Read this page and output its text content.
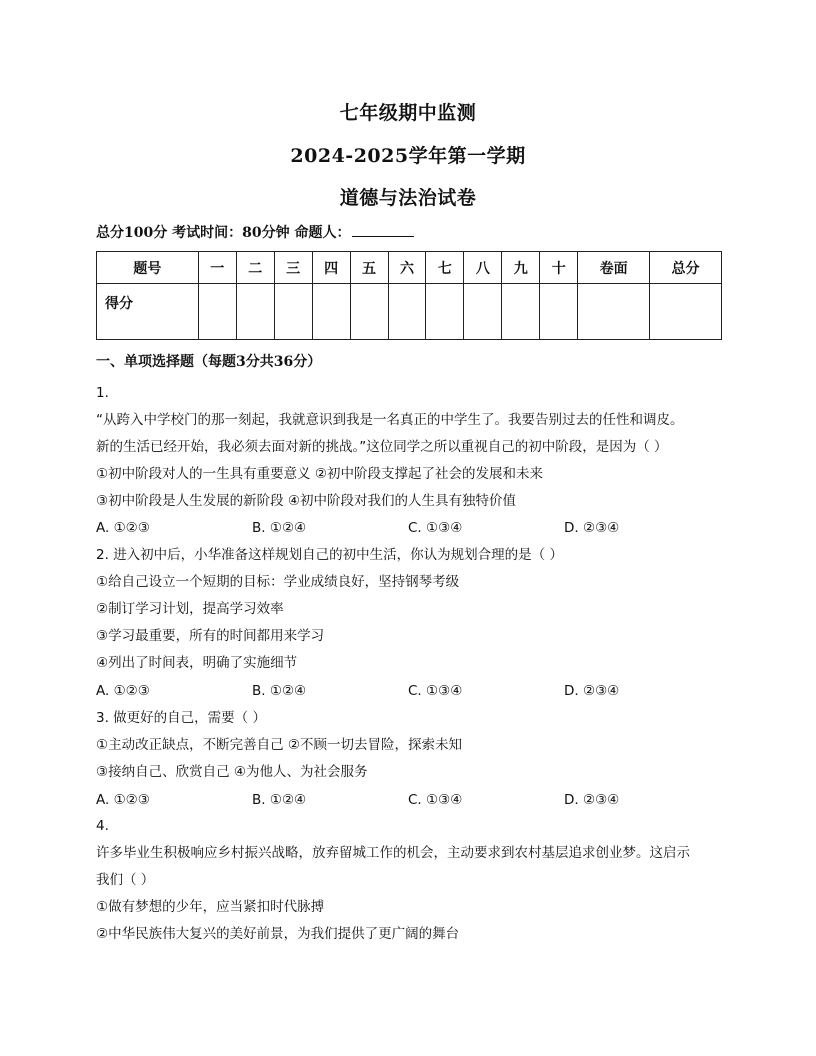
七年级期中监测
2024-2025学年第一学期
道德与法治试卷
总分100分 考试时间：80分钟 命题人：
题号	一	二	三	四	五	六	七	八	九	十	卷面	总分
得分												
一、单项选择题（每题3分共36分）
1.
“从跨入中学校门的那一刻起，我就意识到我是一名真正的中学生了。我要告别过去的任性和调皮。
新的生活已经开始，我必须去面对新的挑战。”这位同学之所以重视自己的初中阶段，是因为（ ）
①初中阶段对人的一生具有重要意义 ②初中阶段支撑起了社会的发展和未来
③初中阶段是人生发展的新阶段 ④初中阶段对我们的人生具有独特价值
A. ①②③	B. ①②④	C. ①③④	D. ②③④
2. 进入初中后，小华准备这样规划自己的初中生活，你认为规划合理的是（ ）
①给自己设立一个短期的目标：学业成绩良好，坚持钢琴考级
②制订学习计划，提高学习效率
③学习最重要，所有的时间都用来学习
④列出了时间表，明确了实施细节
A. ①②③	B. ①②④	C. ①③④	D. ②③④
3. 做更好的自己，需要（ ）
①主动改正缺点，不断完善自己 ②不顾一切去冒险，探索未知
③接纳自己、欣赏自己 ④为他人、为社会服务
A. ①②③	B. ①②④	C. ①③④	D. ②③④
4.
许多毕业生积极响应乡村振兴战略，放弃留城工作的机会，主动要求到农村基层追求创业梦。这启示
我们（ ）
①做有梦想的少年，应当紧扣时代脉搏
②中华民族伟大复兴的美好前景，为我们提供了更广阔的舞台
